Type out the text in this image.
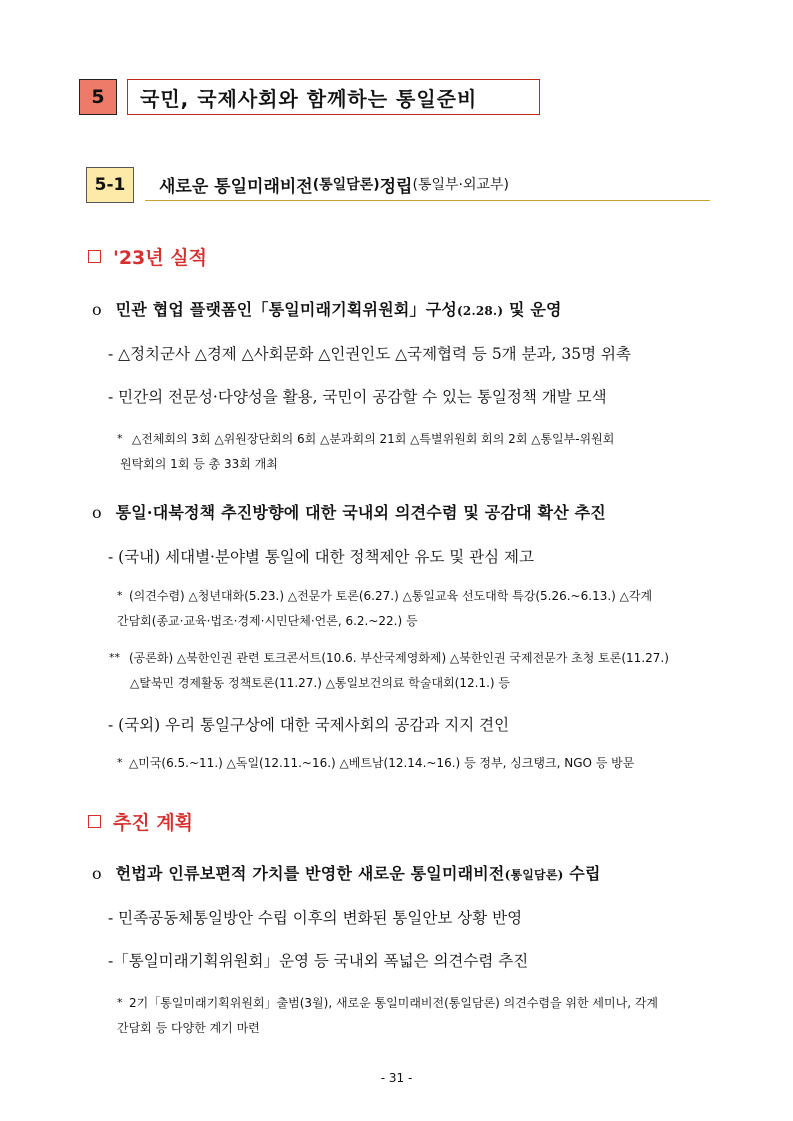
5	국민, 국제사회와 함께하는 통일준비
5-1	새로운 통일미래비전 (통일담론) 정립 (통일부·외교부)
'23년 실적
o 민관 협업 플랫폼인「통일미래기획위원회」구성(2.28.) 및 운영
- △정치군사 △경제 △사회문화 △인권인도 △국제협력 등 5개 분과, 35명 위촉
- 민간의 전문성·다양성을 활용, 국민이 공감할 수 있는 통일정책 개발 모색
* △전체회의 3회 △위원장단회의 6회 △분과회의 21회 △특별위원회 회의 2회 △통일부-위원회
원탁회의 1회 등 총 33회 개최
o 통일·대북정책 추진방향에 대한 국내외 의견수렴 및 공감대 확산 추진
- (국내) 세대별·분야별 통일에 대한 정책제안 유도 및 관심 제고
* (의견수렴) △청년대화(5.23.) △전문가 토론(6.27.) △통일교육 선도대학 특강(5.26.~6.13.) △각계
간담회(종교·교육·법조·경제·시민단체·언론, 6.2.~22.) 등
** (공론화) △북한인권 관련 토크콘서트(10.6. 부산국제영화제) △북한인권 국제전문가 초청 토론(11.27.)
△탈북민 경제활동 정책토론(11.27.) △통일보건의료 학술대회(12.1.) 등
- (국외) 우리 통일구상에 대한 국제사회의 공감과 지지 견인
* △미국(6.5.~11.) △독일(12.11.~16.) △베트남(12.14.~16.) 등 정부, 싱크탱크, NGO 등 방문
추진 계획
o 헌법과 인류보편적 가치를 반영한 새로운 통일미래비전(통일담론) 수립
- 민족공동체통일방안 수립 이후의 변화된 통일안보 상황 반영
-「통일미래기획위원회」운영 등 국내외 폭넓은 의견수렴 추진
* 2기「통일미래기획위원회」출범(3월), 새로운 통일미래비전(통일담론) 의견수렴을 위한 세미나, 각계
간담회 등 다양한 계기 마련
- 31 -
